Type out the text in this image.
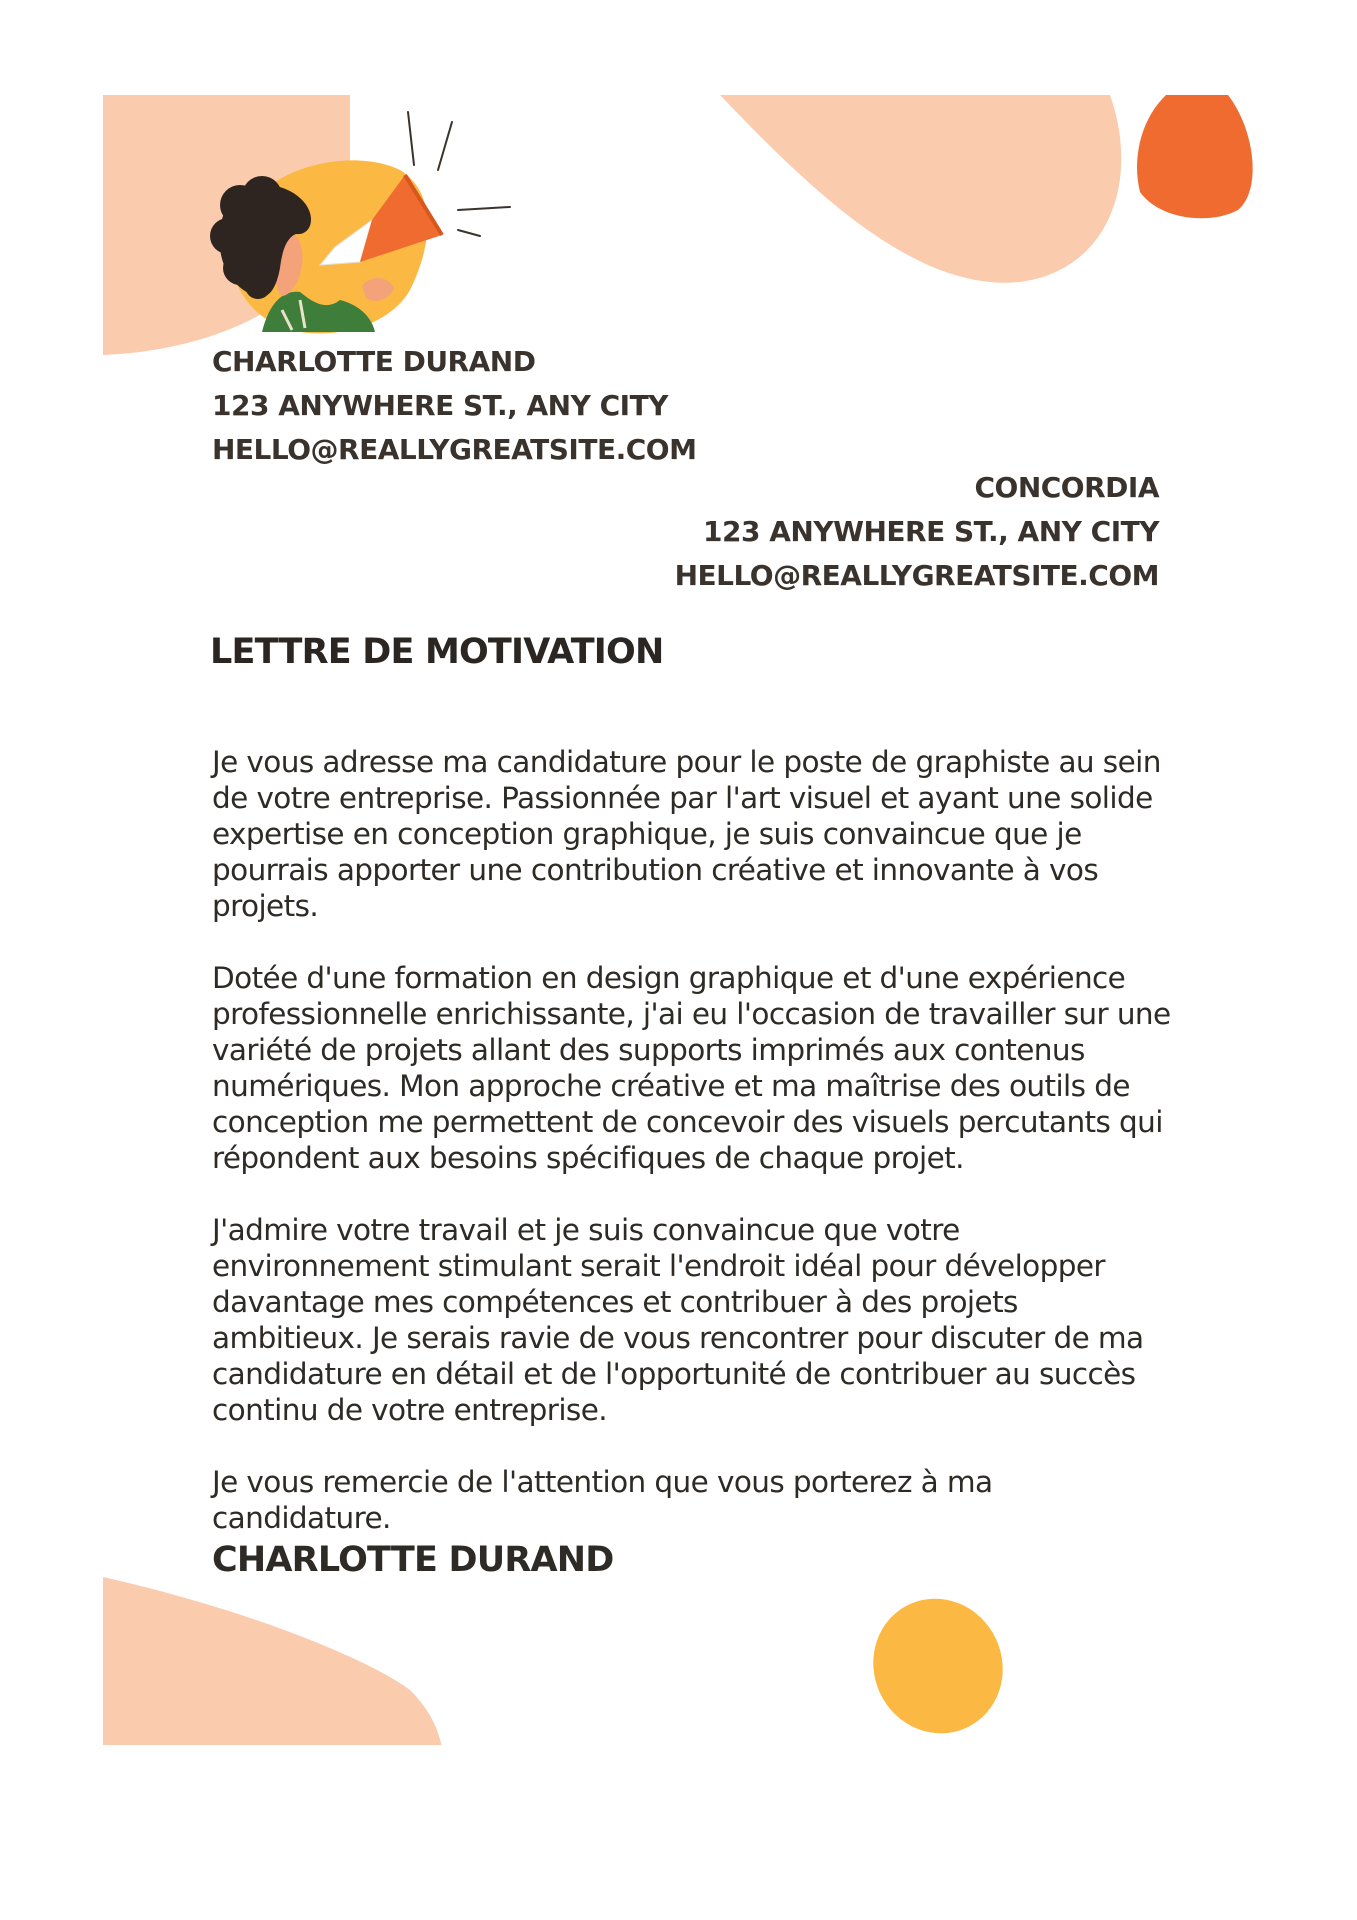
CHARLOTTE DURAND
123 ANYWHERE ST., ANY CITY
HELLO@REALLYGREATSITE.COM
CONCORDIA
123 ANYWHERE ST., ANY CITY
HELLO@REALLYGREATSITE.COM
LETTRE DE MOTIVATION

Je vous adresse ma candidature pour le poste de graphiste au sein de votre entreprise. Passionnée par l'art visuel et ayant une solide expertise en conception graphique, je suis convaincue que je pourrais apporter une contribution créative et innovante à vos projets.

Dotée d'une formation en design graphique et d'une expérience professionnelle enrichissante, j'ai eu l'occasion de travailler sur une variété de projets allant des supports imprimés aux contenus numériques. Mon approche créative et ma maîtrise des outils de conception me permettent de concevoir des visuels percutants qui répondent aux besoins spécifiques de chaque projet.

J'admire votre travail et je suis convaincue que votre environnement stimulant serait l'endroit idéal pour développer davantage mes compétences et contribuer à des projets ambitieux. Je serais ravie de vous rencontrer pour discuter de ma candidature en détail et de l'opportunité de contribuer au succès continu de votre entreprise.

Je vous remercie de l'attention que vous porterez à ma candidature.

CHARLOTTE DURAND
